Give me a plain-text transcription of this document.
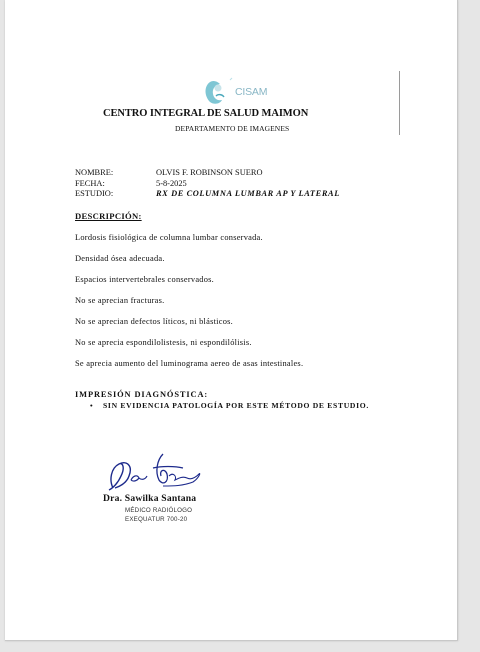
CISAM
CENTRO INTEGRAL DE SALUD MAIMON
DEPARTAMENTO DE IMAGENES
NOMBRE:	OLVIS F. ROBINSON SUERO
FECHA:	5-8-2025
ESTUDIO:	RX DE COLUMNA LUMBAR AP Y LATERAL
DESCRIPCIÓN:
Lordosis fisiológica de columna lumbar conservada.
Densidad ósea adecuada.
Espacios intervertebrales conservados.
No se aprecian fracturas.
No se aprecian defectos líticos, ni blásticos.
No se aprecia espondilolistesis, ni espondilólisis.
Se aprecia aumento del luminograma aereo de asas intestinales.
IMPRESIÓN DIAGNÓSTICA:
• SIN EVIDENCIA PATOLOGÍA POR ESTE MÉTODO DE ESTUDIO.
Dra. Sawilka Santana
MÉDICO RADIÓLOGO
EXEQUATUR 700-20
